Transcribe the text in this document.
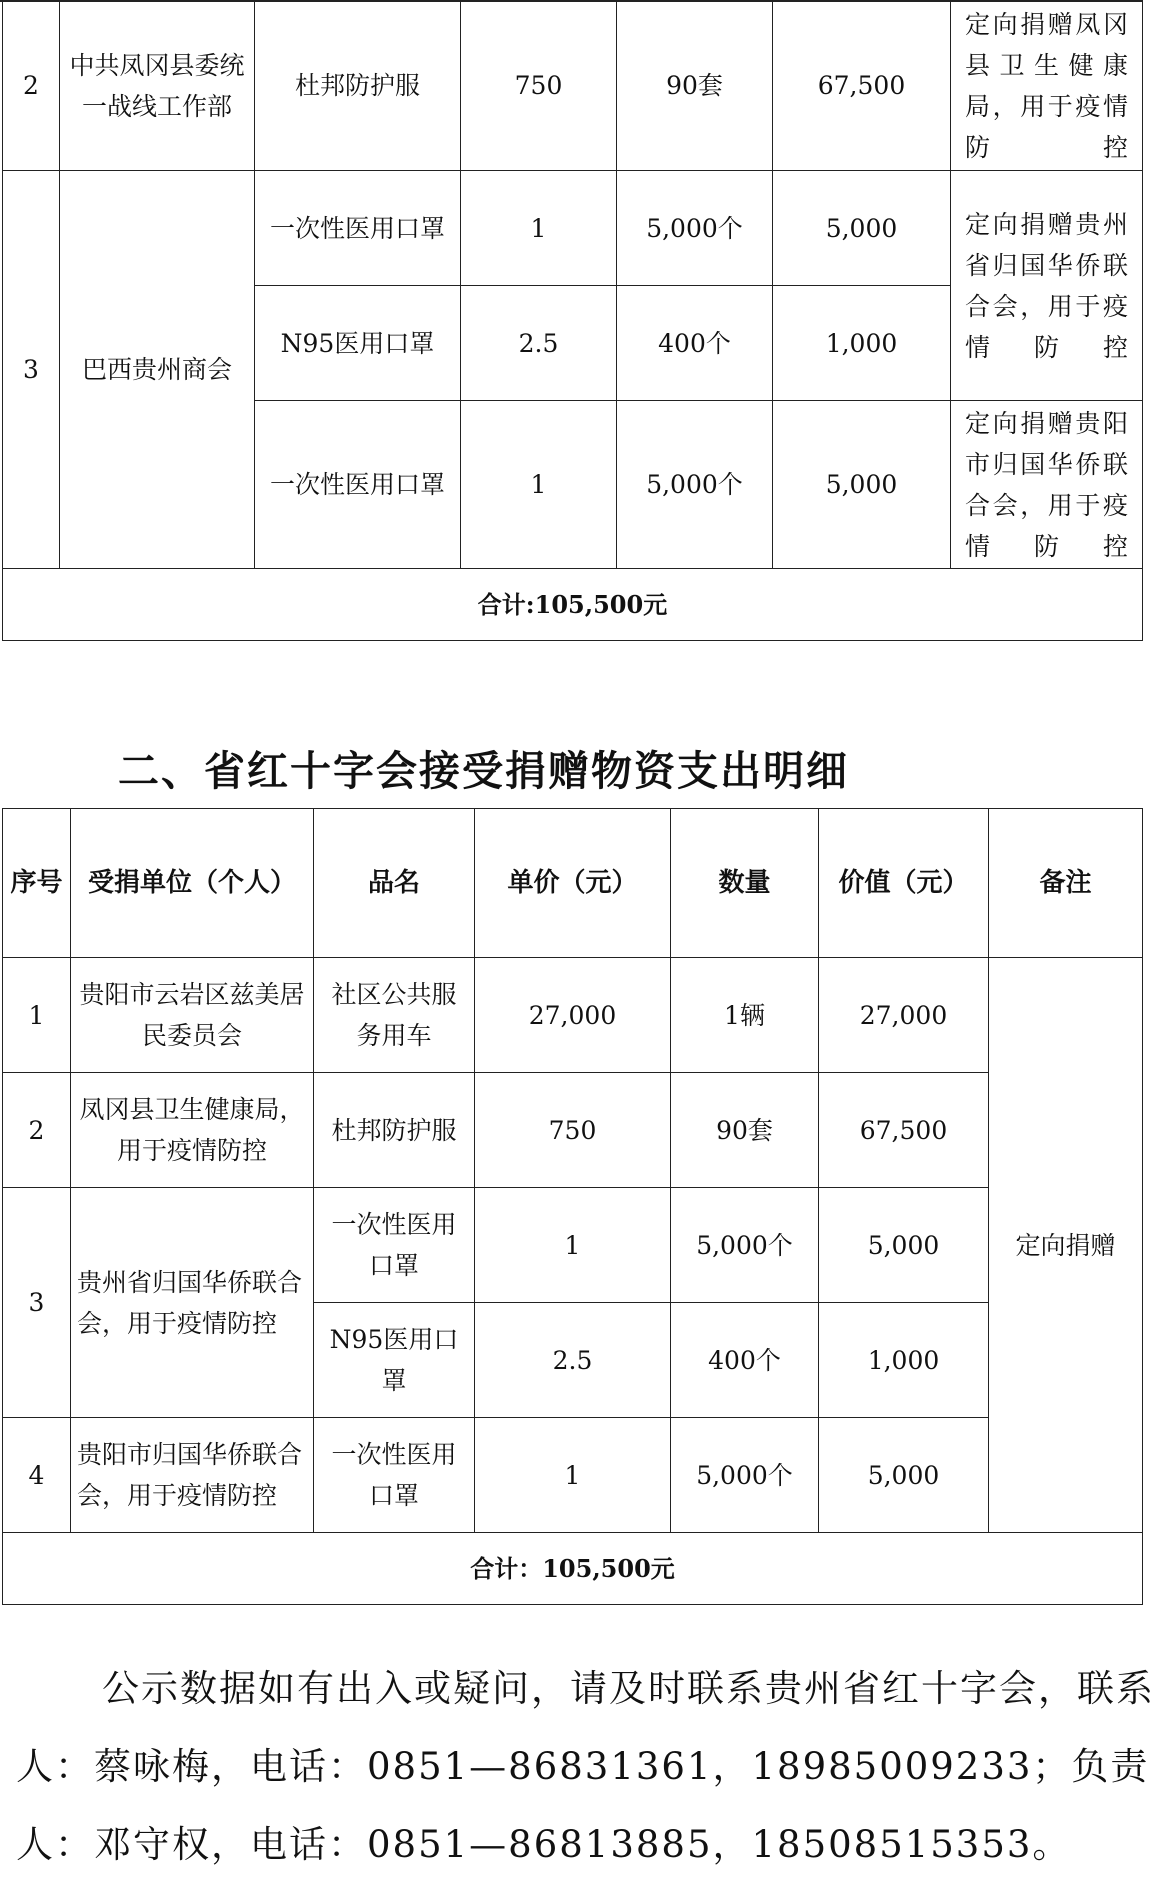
2	中共凤冈县委统一战线工作部	杜邦防护服	750	90套	67,500	定向捐赠凤冈县卫生健康局，用于疫情防控
3	巴西贵州商会	一次性医用口罩	1	5,000个	5,000	定向捐赠贵州省归国华侨联合会，用于疫情防控
		N95医用口罩	2.5	400个	1,000	
		一次性医用口罩	1	5,000个	5,000	定向捐赠贵阳市归国华侨联合会，用于疫情防控
合计:105,500元						
二、省红十字会接受捐赠物资支出明细
序号	受捐单位（个人）	品名	单价（元）	数量	价值（元）	备注
1	贵阳市云岩区兹美居民委员会	社区公共服务用车	27,000	1辆	27,000	定向捐赠
2	凤冈县卫生健康局，用于疫情防控	杜邦防护服	750	90套	67,500	
3	贵州省归国华侨联合会，用于疫情防控	一次性医用口罩	1	5,000个	5,000	
		N95医用口罩	2.5	400个	1,000	
4	贵阳市归国华侨联合会，用于疫情防控	一次性医用口罩	1	5,000个	5,000	
合计：105,500元						

公示数据如有出入或疑问，请及时联系贵州省红十字会，联系人：蔡咏梅，电话：0851—86831361，18985009233；负责人：邓守权，电话：0851—86813885，18508515353。
